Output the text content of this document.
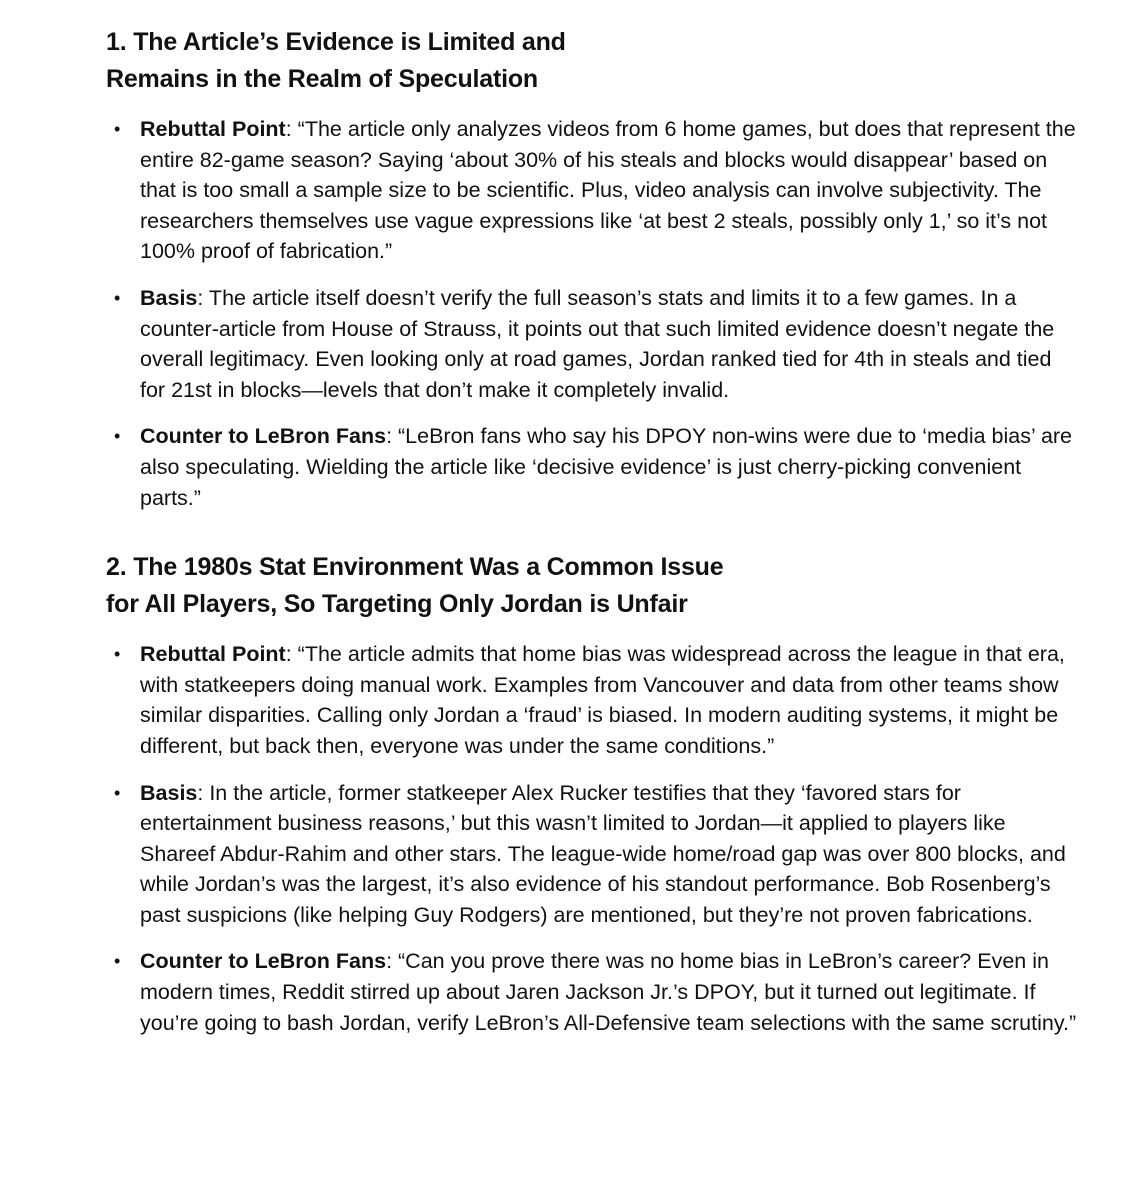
1. The Article’s Evidence is Limited and
Remains in the Realm of Speculation
• Rebuttal Point: “The article only analyzes videos from 6 home games, but does that represent the entire 82-game season? Saying ‘about 30% of his steals and blocks would disappear’ based on that is too small a sample size to be scientific. Plus, video analysis can involve subjectivity. The researchers themselves use vague expressions like ‘at best 2 steals, possibly only 1,’ so it’s not 100% proof of fabrication.”
• Basis: The article itself doesn’t verify the full season’s stats and limits it to a few games. In a counter-article from House of Strauss, it points out that such limited evidence doesn’t negate the overall legitimacy. Even looking only at road games, Jordan ranked tied for 4th in steals and tied for 21st in blocks—levels that don’t make it completely invalid.
• Counter to LeBron Fans: “LeBron fans who say his DPOY non-wins were due to ‘media bias’ are also speculating. Wielding the article like ‘decisive evidence’ is just cherry-picking convenient parts.”
2. The 1980s Stat Environment Was a Common Issue
for All Players, So Targeting Only Jordan is Unfair
• Rebuttal Point: “The article admits that home bias was widespread across the league in that era, with statkeepers doing manual work. Examples from Vancouver and data from other teams show similar disparities. Calling only Jordan a ‘fraud’ is biased. In modern auditing systems, it might be different, but back then, everyone was under the same conditions.”
• Basis: In the article, former statkeeper Alex Rucker testifies that they ‘favored stars for entertainment business reasons,’ but this wasn’t limited to Jordan—it applied to players like Shareef Abdur-Rahim and other stars. The league-wide home/road gap was over 800 blocks, and while Jordan’s was the largest, it’s also evidence of his standout performance. Bob Rosenberg’s past suspicions (like helping Guy Rodgers) are mentioned, but they’re not proven fabrications.
• Counter to LeBron Fans: “Can you prove there was no home bias in LeBron’s career? Even in modern times, Reddit stirred up about Jaren Jackson Jr.’s DPOY, but it turned out legitimate. If you’re going to bash Jordan, verify LeBron’s All-Defensive team selections with the same scrutiny.”
